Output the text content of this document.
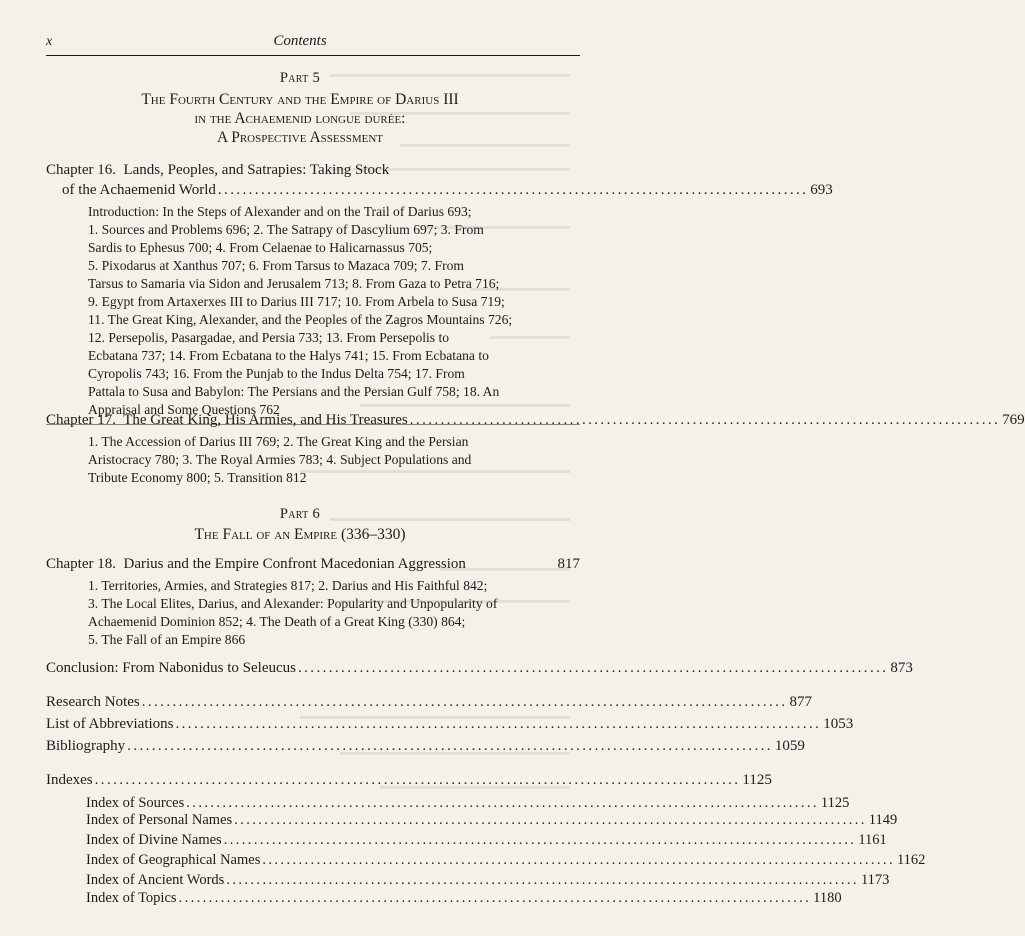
x	Contents
Part 5
The Fourth Century and the Empire of Darius III
in the Achaemenid longue durée:
A Prospective Assessment
Chapter 16. Lands, Peoples, and Satrapies: Taking Stock
of the Achaemenid World ................................................................................................ 693
Introduction: In the Steps of Alexander and on the Trail of Darius 693;
1. Sources and Problems 696; 2. The Satrapy of Dascylium 697; 3. From
Sardis to Ephesus 700; 4. From Celaenae to Halicarnassus 705;
5. Pixodarus at Xanthus 707; 6. From Tarsus to Mazaca 709; 7. From
Tarsus to Samaria via Sidon and Jerusalem 713; 8. From Gaza to Petra 716;
9. Egypt from Artaxerxes III to Darius III 717; 10. From Arbela to Susa 719;
11. The Great King, Alexander, and the Peoples of the Zagros Mountains 726;
12. Persepolis, Pasargadae, and Persia 733; 13. From Persepolis to
Ecbatana 737; 14. From Ecbatana to the Halys 741; 15. From Ecbatana to
Cyropolis 743; 16. From the Punjab to the Indus Delta 754; 17. From
Pattala to Susa and Babylon: The Persians and the Persian Gulf 758; 18. An
Appraisal and Some Questions 762
Chapter 17. The Great King, His Armies, and His Treasures ................................................................................................ 769
1. The Accession of Darius III 769; 2. The Great King and the Persian
Aristocracy 780; 3. The Royal Armies 783; 4. Subject Populations and
Tribute Economy 800; 5. Transition 812
Part 6
The Fall of an Empire (336–330)
Chapter 18. Darius and the Empire Confront Macedonian Aggression	817
1. Territories, Armies, and Strategies 817; 2. Darius and His Faithful 842;
3. The Local Elites, Darius, and Alexander: Popularity and Unpopularity of
Achaemenid Dominion 852; 4. The Death of a Great King (330) 864;
5. The Fall of an Empire 866
Conclusion: From Nabonidus to Seleucus ................................................................................................ 873
Research Notes ......................................................................................................... 877
List of Abbreviations ......................................................................................................... 1053
Bibliography ......................................................................................................... 1059
Indexes ......................................................................................................... 1125
Index of Sources ......................................................................................................... 1125
Index of Personal Names ......................................................................................................... 1149
Index of Divine Names ......................................................................................................... 1161
Index of Geographical Names ......................................................................................................... 1162
Index of Ancient Words ......................................................................................................... 1173
Index of Topics ......................................................................................................... 1180
